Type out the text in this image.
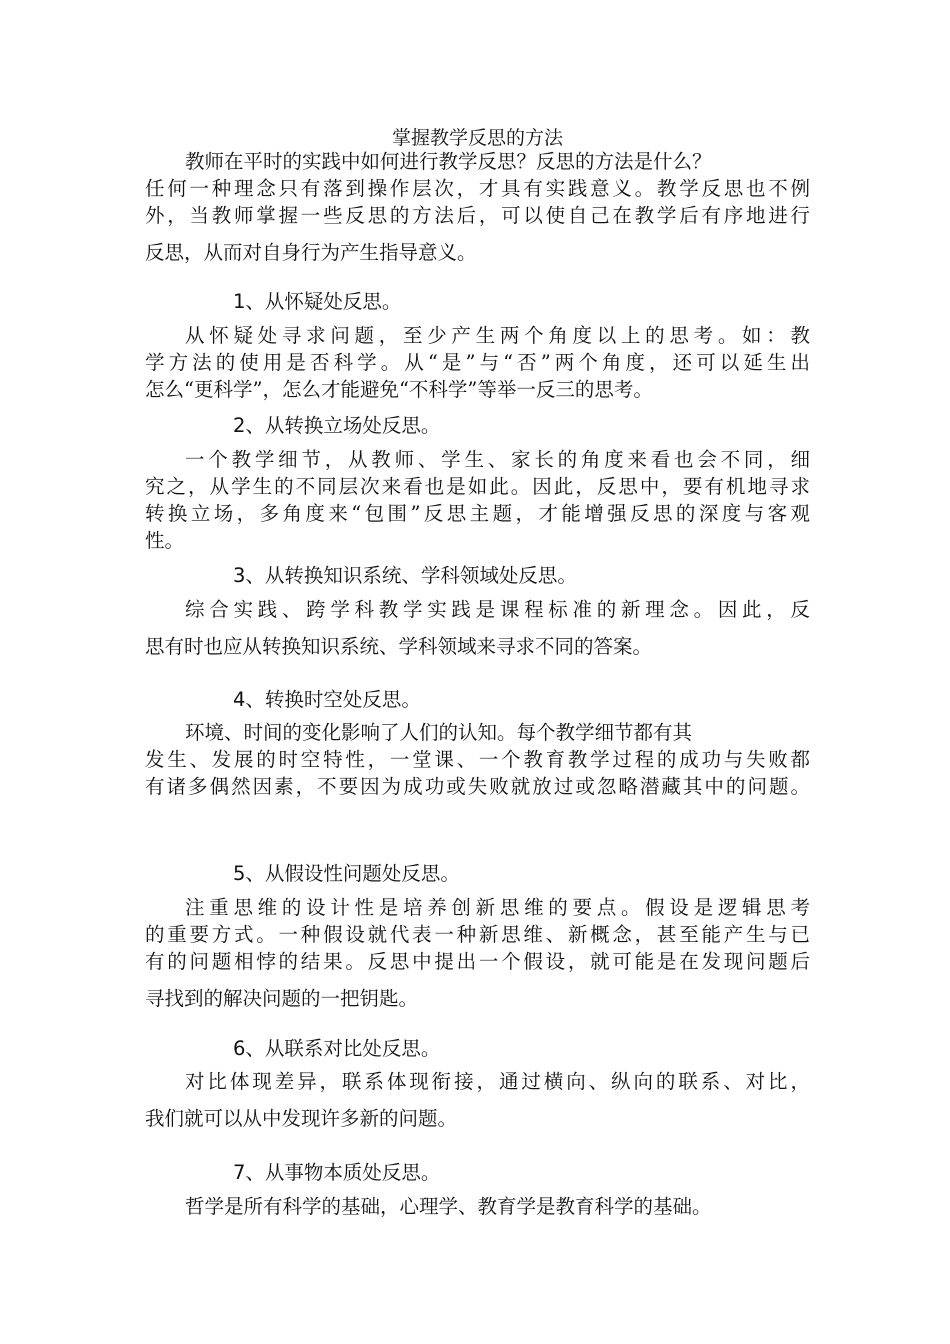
掌握教学反思的方法
教师在平时的实践中如何进行教学反思？反思的方法是什么？
任何一种理念只有落到操作层次，才具有实践意义。教学反思也不例
外，当教师掌握一些反思的方法后，可以使自己在教学后有序地进行
反思，从而对自身行为产生指导意义。
1、从怀疑处反思。
从怀疑处寻求问题，至少产生两个角度以上的思考。如：教
学方法的使用是否科学。从“是”与“否”两个角度，还可以延生出
怎么“更科学”，怎么才能避免“不科学”等举一反三的思考。
2、从转换立场处反思。
一个教学细节，从教师、学生、家长的角度来看也会不同，细
究之，从学生的不同层次来看也是如此。因此，反思中，要有机地寻求
转换立场，多角度来“包围”反思主题，才能增强反思的深度与客观
性。
3、从转换知识系统、学科领域处反思。
综合实践、跨学科教学实践是课程标准的新理念。因此，反
思有时也应从转换知识系统、学科领域来寻求不同的答案。
4、转换时空处反思。
环境、时间的变化影响了人们的认知。每个教学细节都有其
发生、发展的时空特性，一堂课、一个教育教学过程的成功与失败都
有诸多偶然因素，不要因为成功或失败就放过或忽略潜藏其中的问题。
5、从假设性问题处反思。
注重思维的设计性是培养创新思维的要点。假设是逻辑思考
的重要方式。一种假设就代表一种新思维、新概念，甚至能产生与已
有的问题相悖的结果。反思中提出一个假设，就可能是在发现问题后
寻找到的解决问题的一把钥匙。
6、从联系对比处反思。
对比体现差异，联系体现衔接，通过横向、纵向的联系、对比，
我们就可以从中发现许多新的问题。
7、从事物本质处反思。
哲学是所有科学的基础，心理学、教育学是教育科学的基础。
